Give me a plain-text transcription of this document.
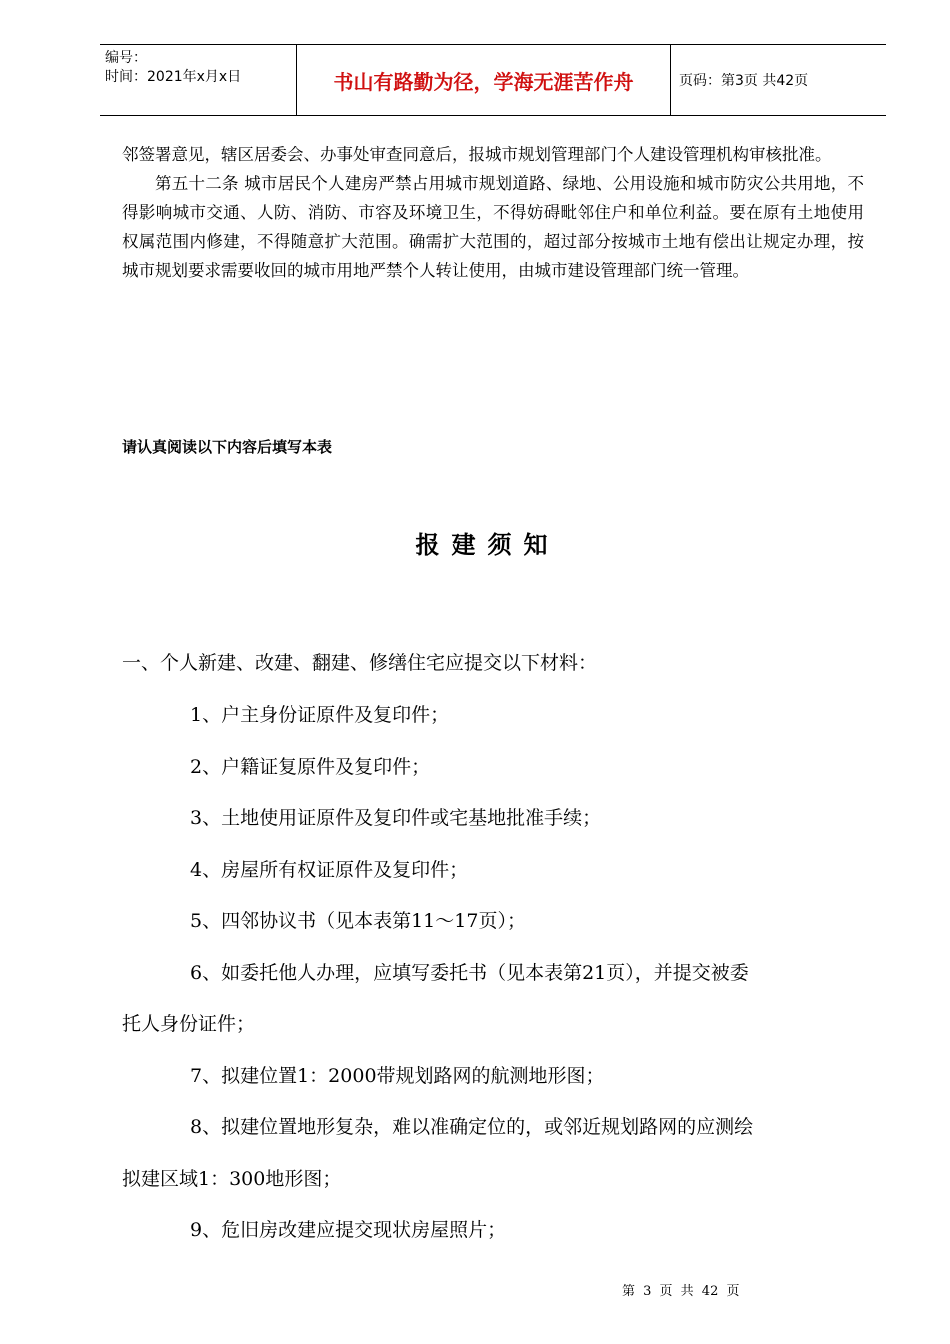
编号：
时间：2021年x月x日	书山有路勤为径，学海无涯苦作舟	页码：第3页 共42页

邻签署意见，辖区居委会、办事处审查同意后，报城市规划管理部门个人建设管理机构审核批准。

第五十二条 城市居民个人建房严禁占用城市规划道路、绿地、公用设施和城市防灾公共用地，不得影响城市交通、人防、消防、市容及环境卫生，不得妨碍毗邻住户和单位利益。要在原有土地使用权属范围内修建，不得随意扩大范围。确需扩大范围的，超过部分按城市土地有偿出让规定办理，按城市规划要求需要收回的城市用地严禁个人转让使用，由城市建设管理部门统一管理。

请认真阅读以下内容后填写本表
报建须知
一、个人新建、改建、翻建、修缮住宅应提交以下材料：
1、户主身份证原件及复印件；
2、户籍证复原件及复印件；
3、土地使用证原件及复印件或宅基地批准手续；
4、房屋所有权证原件及复印件；
5、四邻协议书（见本表第11～17页）；
6、如委托他人办理，应填写委托书（见本表第21页），并提交被委
托人身份证件；
7、拟建位置1：2000带规划路网的航测地形图；
8、拟建位置地形复杂，难以准确定位的，或邻近规划路网的应测绘
拟建区域1：300地形图；
9、危旧房改建应提交现状房屋照片；
第 3 页 共 42 页
